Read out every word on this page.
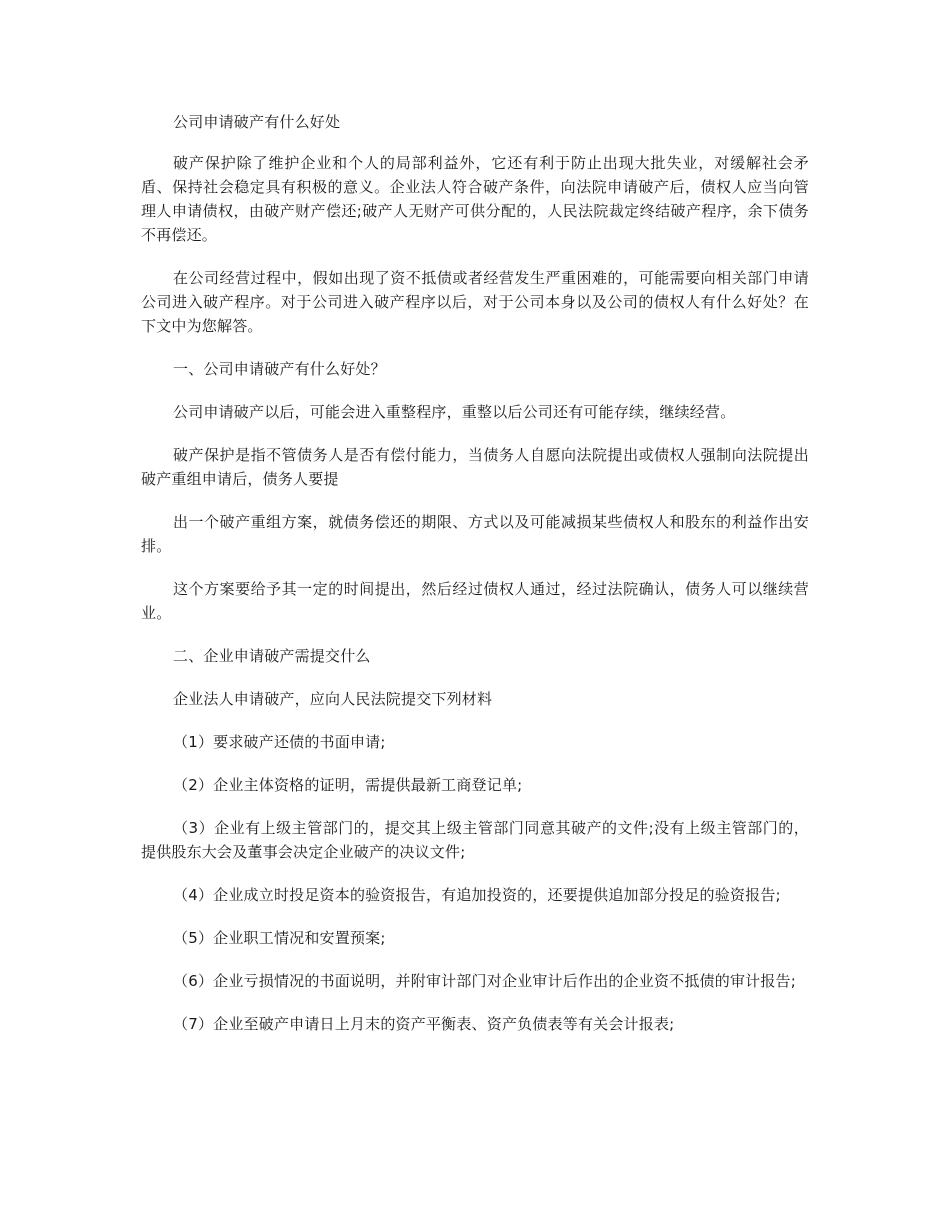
公司申请破产有什么好处

破产保护除了维护企业和个人的局部利益外，它还有利于防止出现大批失业，对缓解社会矛盾、保持社会稳定具有积极的意义。企业法人符合破产条件，向法院申请破产后，债权人应当向管理人申请债权，由破产财产偿还;破产人无财产可供分配的，人民法院裁定终结破产程序，余下债务不再偿还。

在公司经营过程中，假如出现了资不抵债或者经营发生严重困难的，可能需要向相关部门申请公司进入破产程序。对于公司进入破产程序以后，对于公司本身以及公司的债权人有什么好处？在下文中为您解答。

一、公司申请破产有什么好处？

公司申请破产以后，可能会进入重整程序，重整以后公司还有可能存续，继续经营。

破产保护是指不管债务人是否有偿付能力，当债务人自愿向法院提出或债权人强制向法院提出破产重组申请后，债务人要提

出一个破产重组方案，就债务偿还的期限、方式以及可能减损某些债权人和股东的利益作出安排。

这个方案要给予其一定的时间提出，然后经过债权人通过，经过法院确认，债务人可以继续营业。

二、企业申请破产需提交什么

企业法人申请破产，应向人民法院提交下列材料

（1）要求破产还债的书面申请;

（2）企业主体资格的证明，需提供最新工商登记单;

（3）企业有上级主管部门的，提交其上级主管部门同意其破产的文件;没有上级主管部门的，提供股东大会及董事会决定企业破产的决议文件;

（4）企业成立时投足资本的验资报告，有追加投资的，还要提供追加部分投足的验资报告;

（5）企业职工情况和安置预案;

（6）企业亏损情况的书面说明，并附审计部门对企业审计后作出的企业资不抵债的审计报告;

（7）企业至破产申请日上月末的资产平衡表、资产负债表等有关会计报表;
